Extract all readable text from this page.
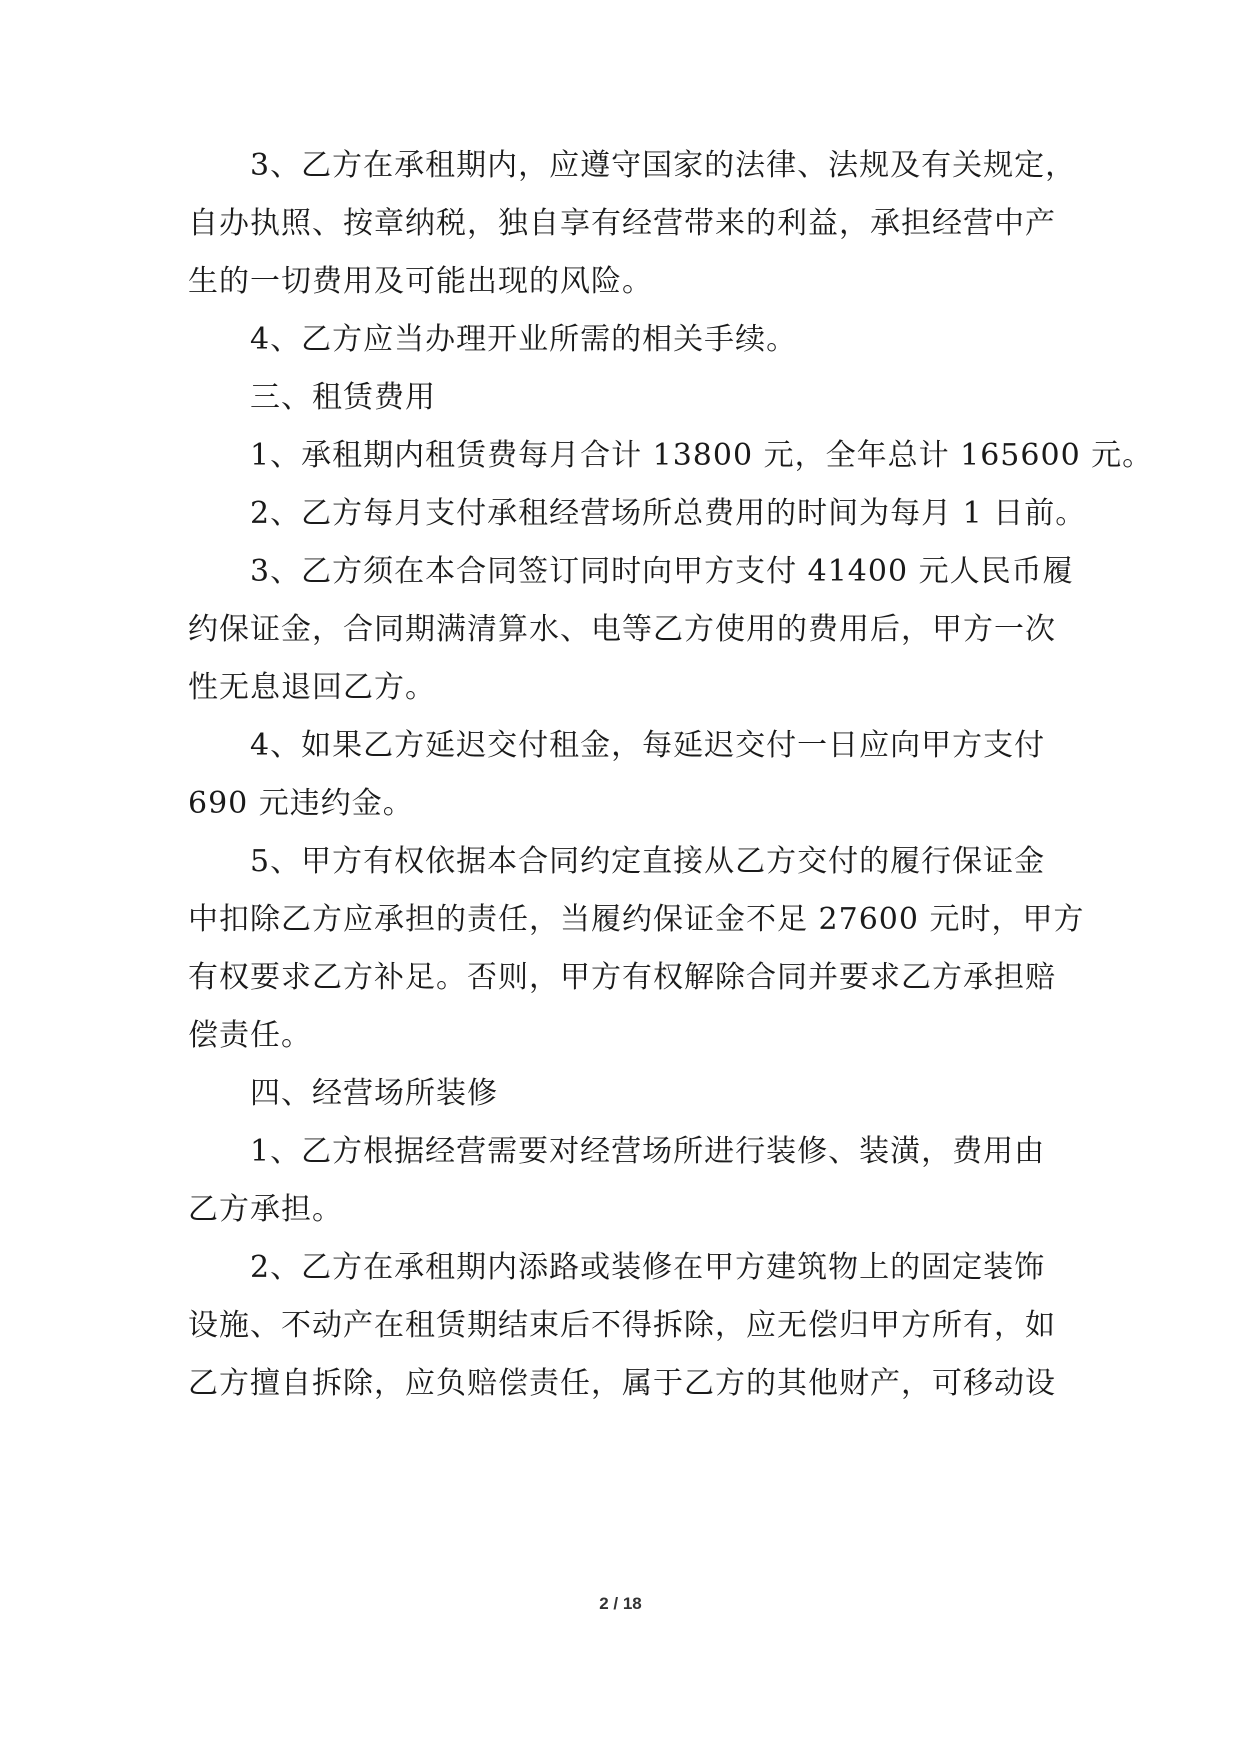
3、乙方在承租期内，应遵守国家的法律、法规及有关规定，
自办执照、按章纳税，独自享有经营带来的利益，承担经营中产
生的一切费用及可能出现的风险。
4、乙方应当办理开业所需的相关手续。
三、租赁费用
1、承租期内租赁费每月合计 13800 元，全年总计 165600 元。
2、乙方每月支付承租经营场所总费用的时间为每月 1 日前。
3、乙方须在本合同签订同时向甲方支付 41400 元人民币履
约保证金，合同期满清算水、电等乙方使用的费用后，甲方一次
性无息退回乙方。
4、如果乙方延迟交付租金，每延迟交付一日应向甲方支付
690 元违约金。
5、甲方有权依据本合同约定直接从乙方交付的履行保证金
中扣除乙方应承担的责任，当履约保证金不足 27600 元时，甲方
有权要求乙方补足。否则，甲方有权解除合同并要求乙方承担赔
偿责任。
四、经营场所装修
1、乙方根据经营需要对经营场所进行装修、装潢，费用由
乙方承担。
2、乙方在承租期内添路或装修在甲方建筑物上的固定装饰
设施、不动产在租赁期结束后不得拆除，应无偿归甲方所有，如
乙方擅自拆除，应负赔偿责任，属于乙方的其他财产，可移动设
2 / 18
